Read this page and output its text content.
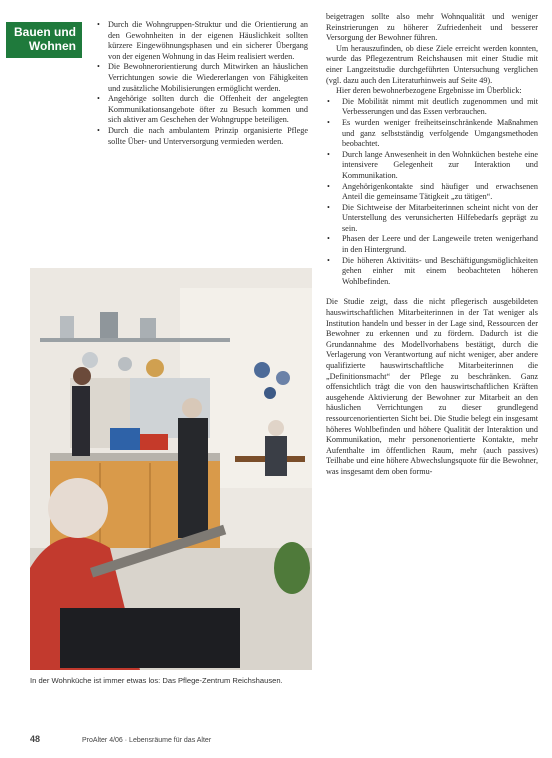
Bauen und
Wohnen
• Durch die Wohngruppen-Struktur und die Orientierung an den Gewohnheiten in der eigenen Häuslichkeit sollten kürzere Eingewöhnungsphasen und ein sicherer Übergang von der eigenen Wohnung in das Heim realisiert werden.
• Die Bewohnerorientierung durch Mitwirken an häuslichen Verrichtungen sowie die Wiedererlangen von Fähigkeiten und zusätzliche Mobilisierungen ermöglicht werden.
• Angehörige sollten durch die Offenheit der angelegten Kommunikationsangebote öfter zu Besuch kommen und sich aktiver am Geschehen der Wohngruppe beteiligen.
• Durch die nach ambulantem Prinzip organisierte Pflege sollte Über- und Unterversorgung vermieden werden.

beigetragen sollte also mehr Wohnqualität und weniger Reinstrierungen zu höherer Zufriedenheit und besserer Versorgung der Bewohner führen.

Um herauszufinden, ob diese Ziele erreicht werden konnten, wurde das Pflegezentrum Reichshausen mit einer Studie mit einer Langzeitstudie durchgeführten Untersuchung verglichen (vgl. dazu auch den Literaturhinweis auf Seite 49).

Hier deren bewohnerbezogene Ergebnisse im Überblick:

• Die Mobilität nimmt mit deutlich zugenommen und mit Verbesserungen und das Essen verbrauchen.
• Es wurden weniger freiheitseinschränkende Maßnahmen und ganz selbstständig verfolgende Umgangsmethoden beobachtet.
• Durch lange Anwesenheit in den Wohnküchen bestehe eine intensivere Gelegenheit zur Interaktion und Kommunikation.
• Angehörigenkontakte sind häufiger und erwachsenen Anteil die gemeinsame Tätigkeit „zu tätigen“.
• Die Sichtweise der Mitarbeiterinnen scheint nicht von der Unterstellung des verunsicherten Hilfebedarfs geprägt zu sein.
• Phasen der Leere und der Langeweile treten wenigerhand in den Hintergrund.
• Die höheren Aktivitäts- und Beschäftigungsmöglichkeiten gehen einher mit einem beobachteten höheren Wohlbefinden.

Die Studie zeigt, dass die nicht pflegerisch ausgebildeten hauswirtschaftlichen Mitarbeiterinnen in der Tat weniger als Institution handeln und besser in der Lage sind, Ressourcen der Bewohner zu erkennen und zu fördern. Dadurch ist die Grundannahme des Modellvorhabens bestätigt, durch die Verlagerung von Verantwortung auf nicht weniger, aber andere qualifizierte hauswirtschaftliche Mitarbeiterinnen die „Definitionsmacht“ der Pflege zu beschränken. Ganz offensichtlich trägt die von den hauswirtschaftlichen Kräften ausgehende Aktivierung der Bewohner zur Mitarbeit an den häuslichen Verrichtungen zu dieser grundlegend ressourcenorientierten Sicht bei. Die Studie belegt ein insgesamt höheres Wohlbefinden und höhere Qualität der Interaktion und Kommunikation, mehr personenorientierte Kontakte, mehr Aufenthalte im öffentlichen Raum, mehr (auch passives) Teilhabe und eine höhere Abwechslungsquote für die Bewohner, was insgesamt dem oben formu-

In der Wohnküche ist immer etwas los: Das Pflege-Zentrum Reichshausen.
48	ProAlter 4/06 · Lebensräume für das Alter
